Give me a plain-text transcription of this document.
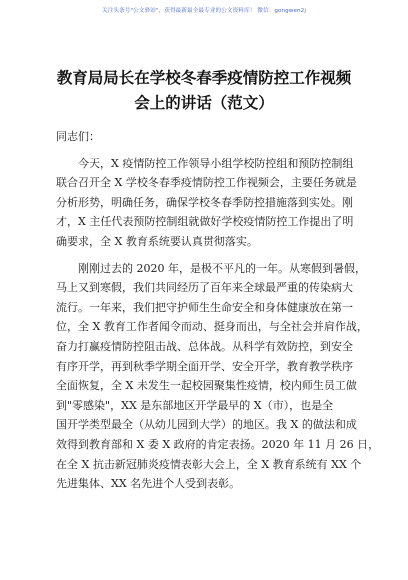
关注头条号"公文驿站"，获得最新最全最专业的公文资料库！ 微信：gongwen2j
教育局局长在学校冬春季疫情防控工作视频
会上的讲话（范文）
同志们：
今天，X 疫情防控工作领导小组学校防控组和预防控制组
联合召开全 X 学校冬春季疫情防控工作视频会，主要任务就是
分析形势，明确任务，确保学校冬春季防控措施落到实处。刚
才，X 主任代表预防控制组就做好学校疫情防控工作提出了明
确要求，全 X 教育系统要认真贯彻落实。
刚刚过去的 2020 年，是极不平凡的一年。从寒假到暑假，
马上又到寒假，我们共同经历了百年来全球最严重的传染病大
流行。一年来，我们把守护师生生命安全和身体健康放在第一
位，全 X 教育工作者闻令而动、挺身而出，与全社会并肩作战，
奋力打赢疫情防控阻击战、总体战。从科学有效防控，到安全
有序开学，再到秋季学期全面开学、安全开学，教育教学秩序
全面恢复，全 X 未发生一起校园聚集性疫情，校内师生员工做
到"零感染"，XX 是东部地区开学最早的 X（市），也是全
国开学类型最全（从幼儿园到大学）的地区。我 X 的做法和成
效得到教育部和 X 委 X 政府的肯定表扬。2020 年 11 月 26 日，
在全 X 抗击新冠肺炎疫情表彰大会上，全 X 教育系统有 XX 个
先进集体、XX 名先进个人受到表彰。
